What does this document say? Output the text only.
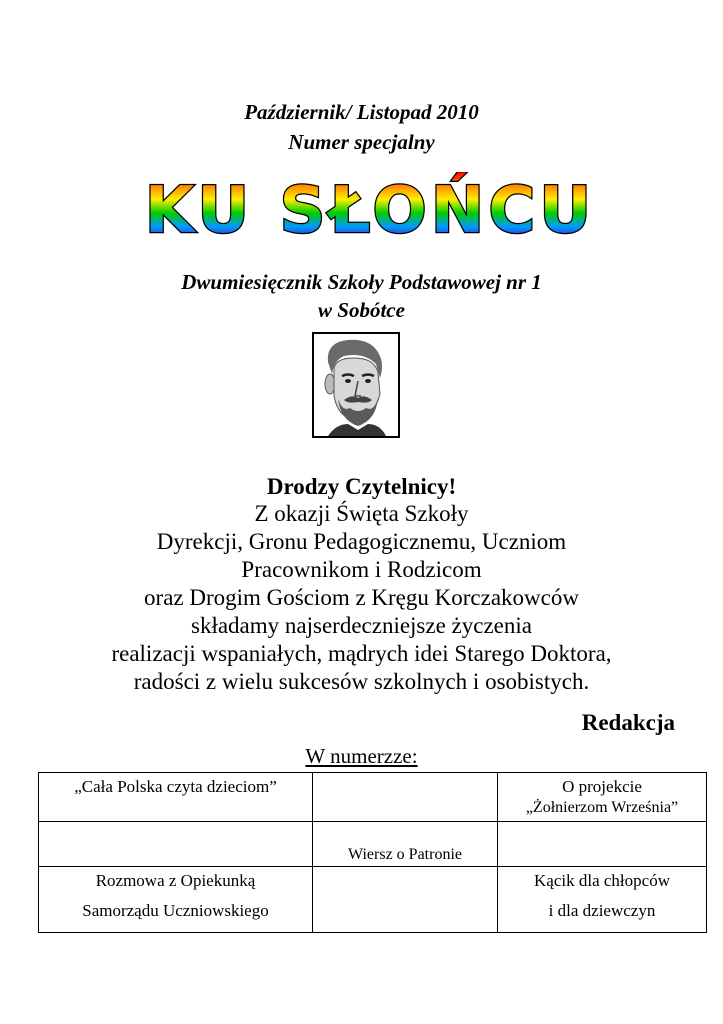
Październik/ Listopad 2010
Numer specjalny
KU SŁOŃCU
Dwumiesięcznik Szkoły Podstawowej nr 1
w Sobótce
Drodzy Czytelnicy!
Z okazji Święta Szkoły
Dyrekcji, Gronu Pedagogicznemu, Uczniom
Pracownikom i Rodzicom
oraz Drogim Gościom z Kręgu Korczakowców
składamy najserdeczniejsze życzenia
realizacji wspaniałych, mądrych idei Starego Doktora,
radości z wielu sukcesów szkolnych i osobistych.
Redakcja
W numerzze:
„Cała Polska czyta dzieciom”		O projekcie
„Żołnierzom Września”

	Wiersz o Patronie	

Rozmowa z Opiekunką
Samorządu Uczniowskiego		Kącik dla chłopców
i dla dziewczyn
